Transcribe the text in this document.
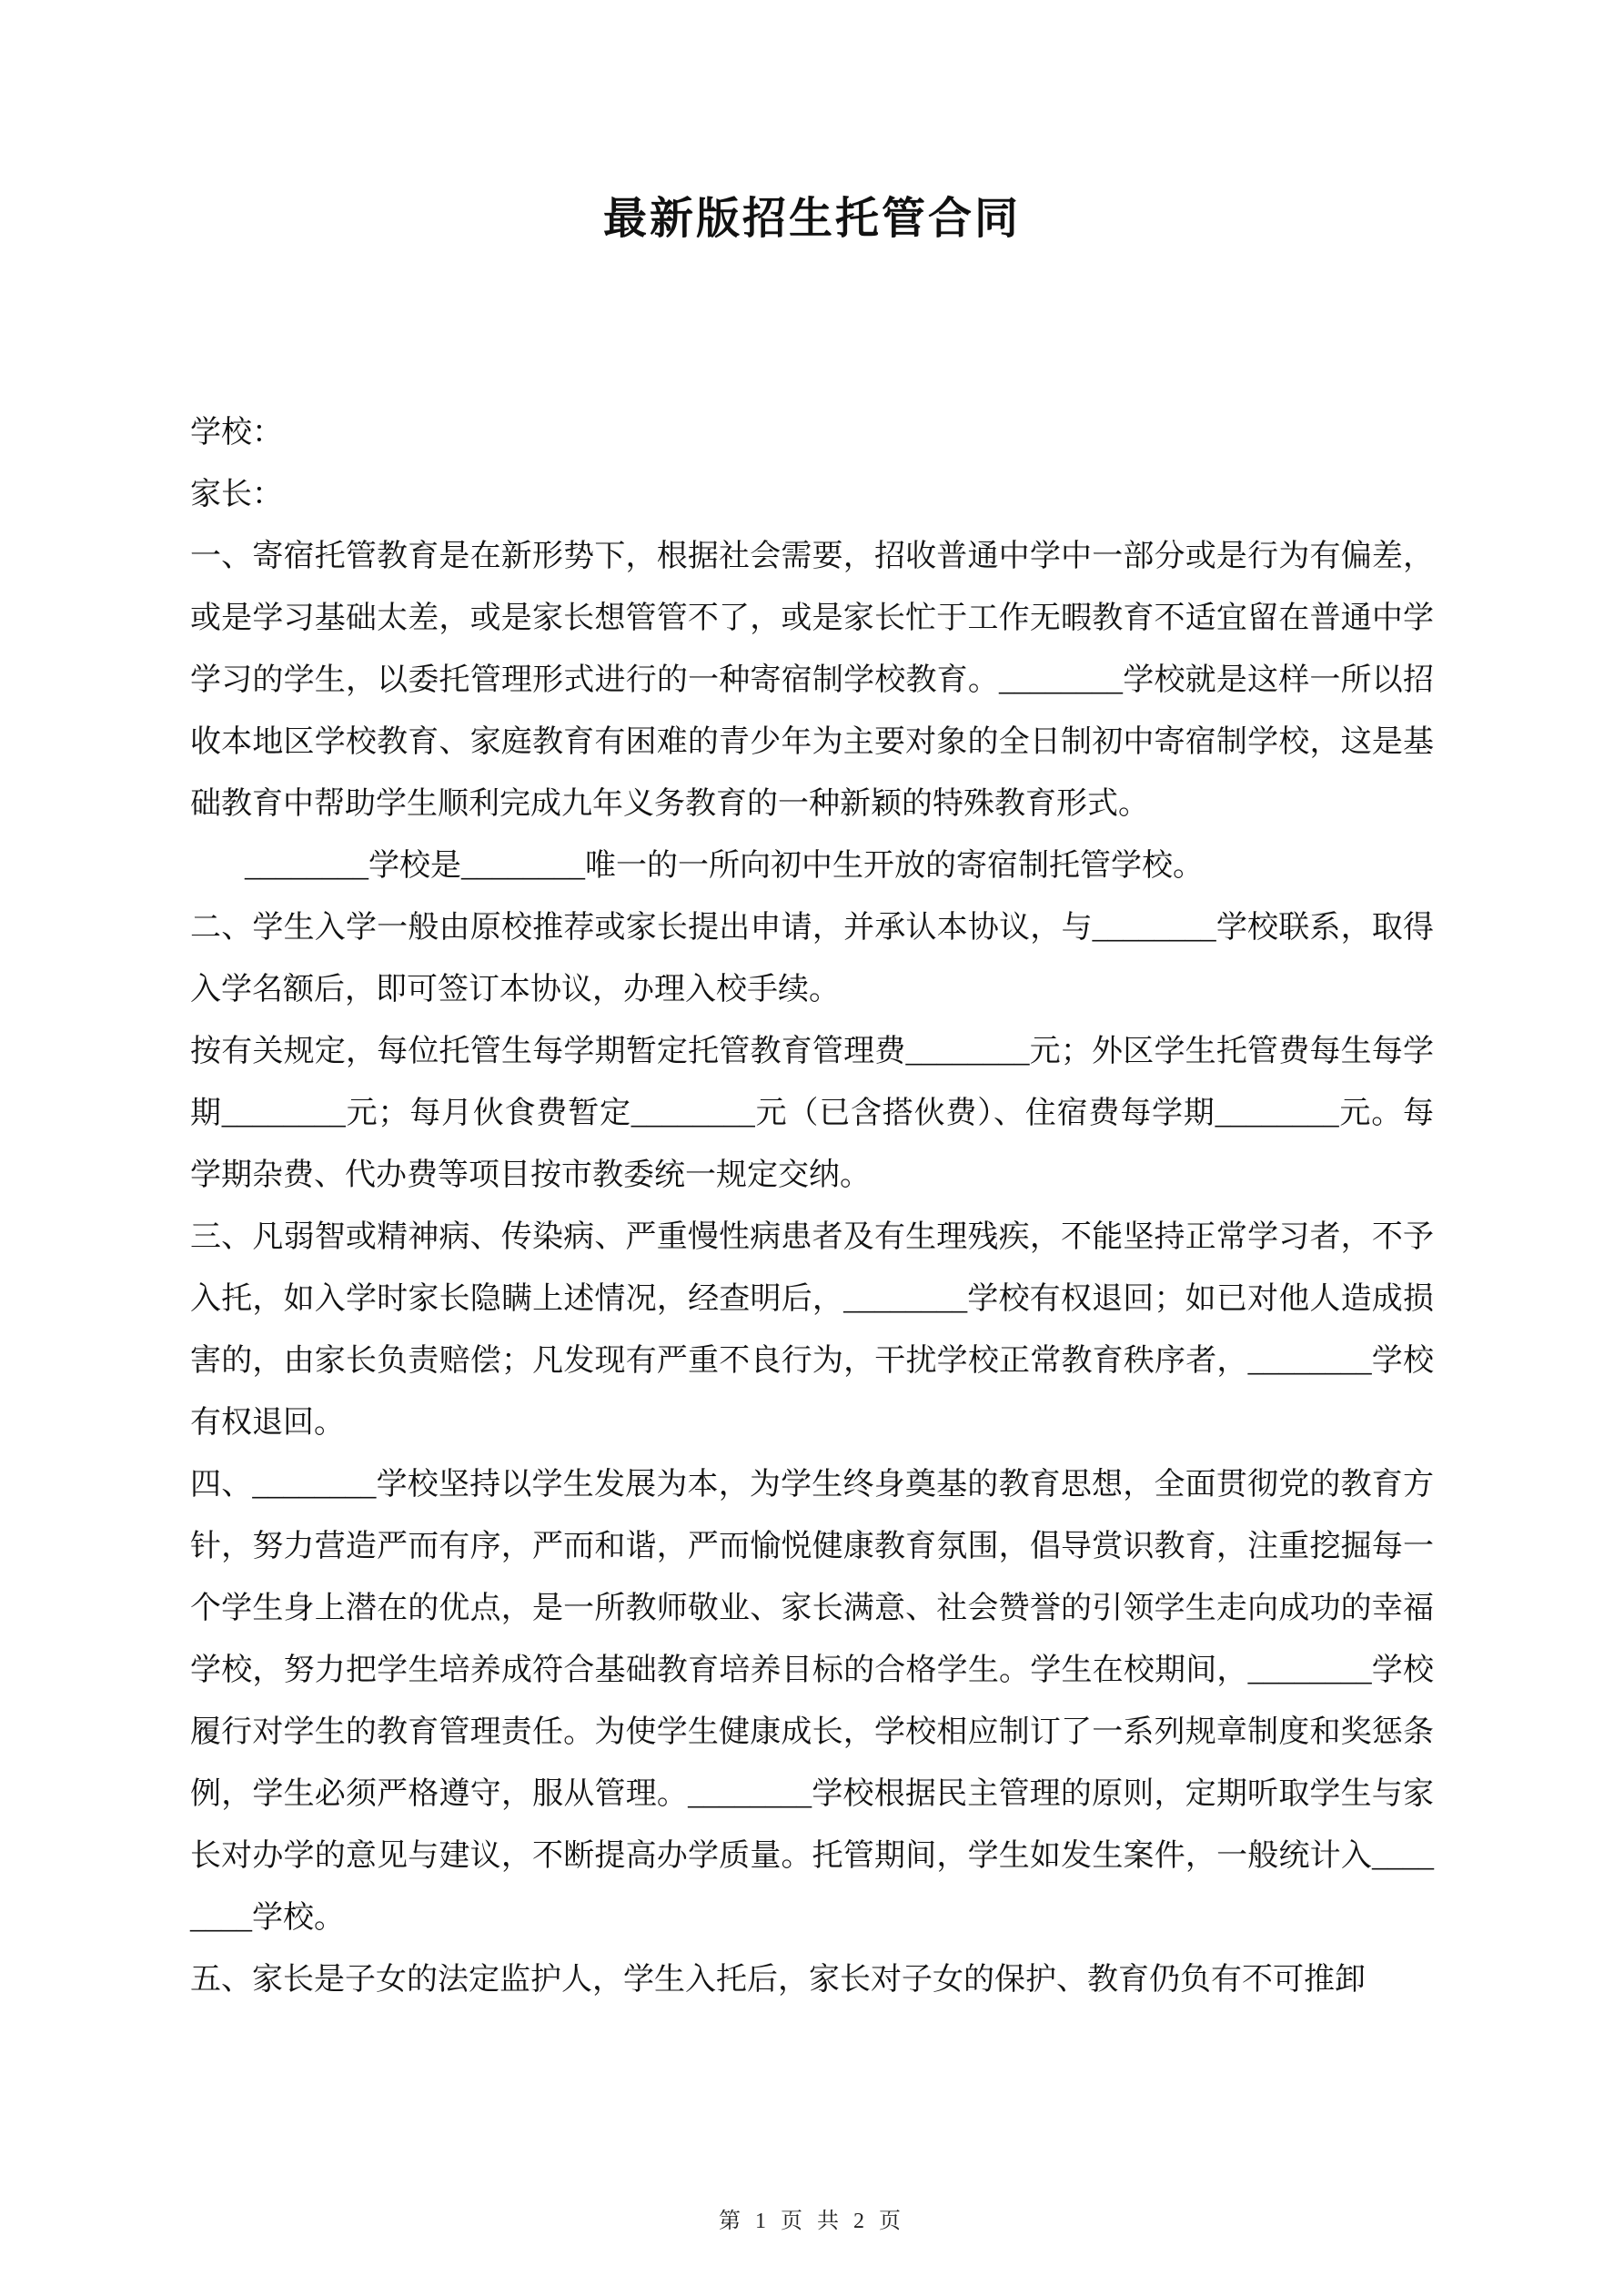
最新版招生托管合同

学校：

家长：

一、寄宿托管教育是在新形势下，根据社会需要，招收普通中学中一部分或是行为有偏差，或是学习基础太差，或是家长想管管不了，或是家长忙于工作无暇教育不适宜留在普通中学学习的学生，以委托管理形式进行的一种寄宿制学校教育。________学校就是这样一所以招收本地区学校教育、家庭教育有困难的青少年为主要对象的全日制初中寄宿制学校，这是基础教育中帮助学生顺利完成九年义务教育的一种新颖的特殊教育形式。

________学校是________唯一的一所向初中生开放的寄宿制托管学校。

二、学生入学一般由原校推荐或家长提出申请，并承认本协议，与________学校联系，取得入学名额后，即可签订本协议，办理入校手续。

按有关规定，每位托管生每学期暂定托管教育管理费________元；外区学生托管费每生每学期________元；每月伙食费暂定________元（已含搭伙费）、住宿费每学期________元。每学期杂费、代办费等项目按市教委统一规定交纳。

三、凡弱智或精神病、传染病、严重慢性病患者及有生理残疾，不能坚持正常学习者，不予入托，如入学时家长隐瞒上述情况，经查明后，________学校有权退回；如已对他人造成损害的，由家长负责赔偿；凡发现有严重不良行为，干扰学校正常教育秩序者，________学校有权退回。

四、________学校坚持以学生发展为本，为学生终身奠基的教育思想，全面贯彻党的教育方针，努力营造严而有序，严而和谐，严而愉悦健康教育氛围，倡导赏识教育，注重挖掘每一个学生身上潜在的优点，是一所教师敬业、家长满意、社会赞誉的引领学生走向成功的幸福学校，努力把学生培养成符合基础教育培养目标的合格学生。学生在校期间，________学校履行对学生的教育管理责任。为使学生健康成长，学校相应制订了一系列规章制度和奖惩条例，学生必须严格遵守，服从管理。________学校根据民主管理的原则，定期听取学生与家长对办学的意见与建议，不断提高办学质量。托管期间，学生如发生案件，一般统计入________学校。

五、家长是子女的法定监护人，学生入托后，家长对子女的保护、教育仍负有不可推卸

第 1 页 共 2 页
